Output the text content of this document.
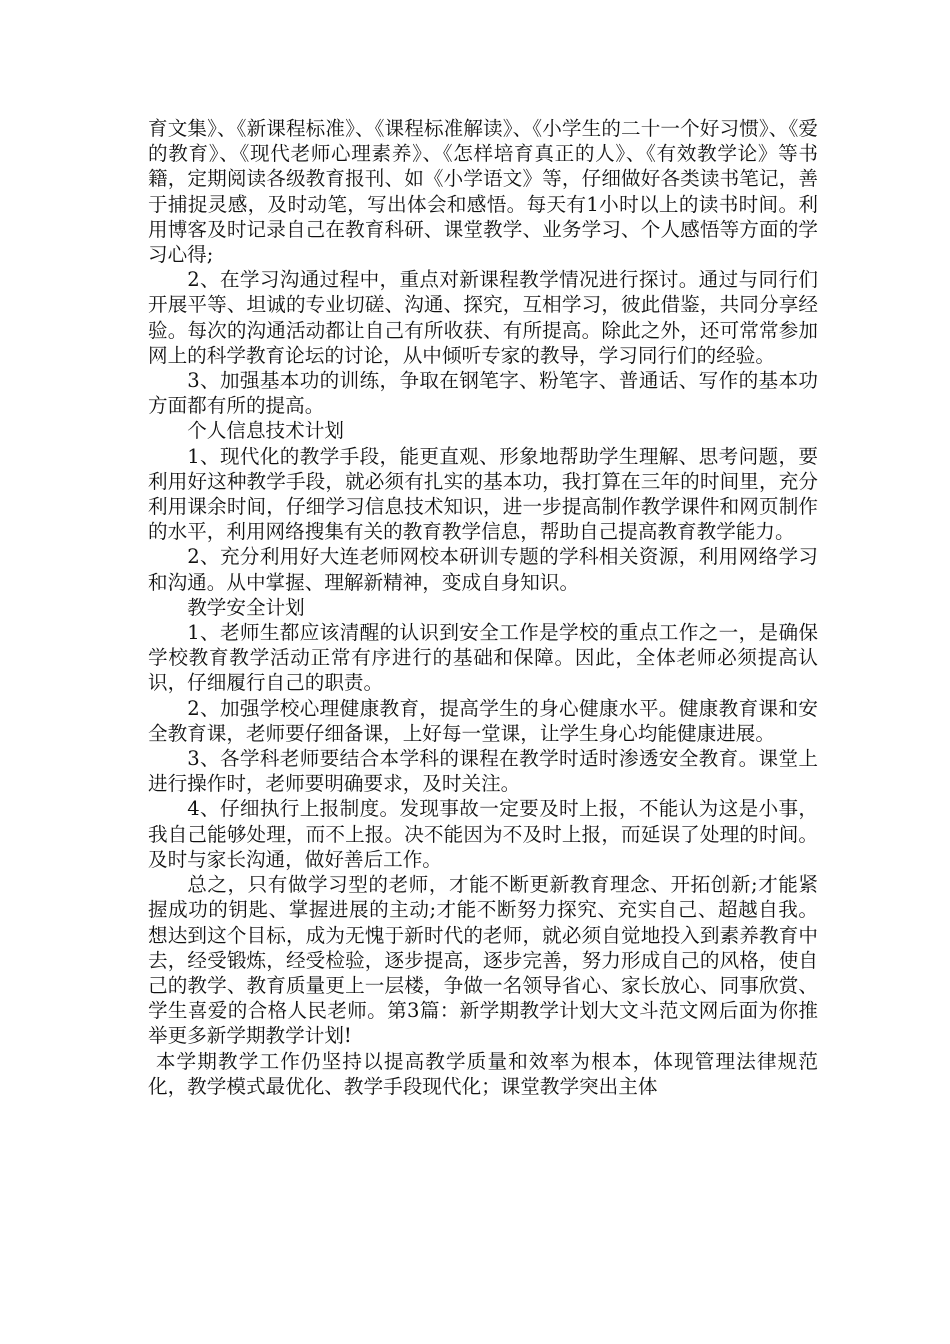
育文集》、《新课程标准》、《课程标准解读》、《小学生的二十一个好习惯》、《爱的教育》、《现代老师心理素养》、《怎样培育真正的人》、《有效教学论》等书籍，定期阅读各级教育报刊、如《小学语文》等，仔细做好各类读书笔记，善于捕捉灵感，及时动笔，写出体会和感悟。每天有1小时以上的读书时间。利用博客及时记录自己在教育科研、课堂教学、业务学习、个人感悟等方面的学习心得;

2、在学习沟通过程中，重点对新课程教学情况进行探讨。通过与同行们开展平等、坦诚的专业切磋、沟通、探究，互相学习，彼此借鉴，共同分享经验。每次的沟通活动都让自己有所收获、有所提高。除此之外，还可常常参加网上的科学教育论坛的讨论，从中倾听专家的教导，学习同行们的经验。

3、加强基本功的训练，争取在钢笔字、粉笔字、普通话、写作的基本功方面都有所的提高。

个人信息技术计划

1、现代化的教学手段，能更直观、形象地帮助学生理解、思考问题，要利用好这种教学手段，就必须有扎实的基本功，我打算在三年的时间里，充分利用课余时间，仔细学习信息技术知识，进一步提高制作教学课件和网页制作的水平，利用网络搜集有关的教育教学信息，帮助自己提高教育教学能力。

2、充分利用好大连老师网校本研训专题的学科相关资源，利用网络学习和沟通。从中掌握、理解新精神，变成自身知识。

教学安全计划

1、老师生都应该清醒的认识到安全工作是学校的重点工作之一，是确保学校教育教学活动正常有序进行的基础和保障。因此，全体老师必须提高认识，仔细履行自己的职责。

2、加强学校心理健康教育，提高学生的身心健康水平。健康教育课和安全教育课，老师要仔细备课，上好每一堂课，让学生身心均能健康进展。

3、各学科老师要结合本学科的课程在教学时适时渗透安全教育。课堂上进行操作时，老师要明确要求，及时关注。

4、仔细执行上报制度。发现事故一定要及时上报，不能认为这是小事，我自己能够处理，而不上报。决不能因为不及时上报，而延误了处理的时间。及时与家长沟通，做好善后工作。

总之，只有做学习型的老师，才能不断更新教育理念、开拓创新;才能紧握成功的钥匙、掌握进展的主动;才能不断努力探究、充实自己、超越自我。想达到这个目标，成为无愧于新时代的老师，就必须自觉地投入到素养教育中去，经受锻炼，经受检验，逐步提高，逐步完善，努力形成自己的风格，使自己的教学、教育质量更上一层楼，争做一名领导省心、家长放心、同事欣赏、学生喜爱的合格人民老师。第3篇：新学期教学计划大文斗范文网后面为你推举更多新学期教学计划!

本学期教学工作仍坚持以提高教学质量和效率为根本，体现管理法律规范化，教学模式最优化、教学手段现代化；课堂教学突出主体
